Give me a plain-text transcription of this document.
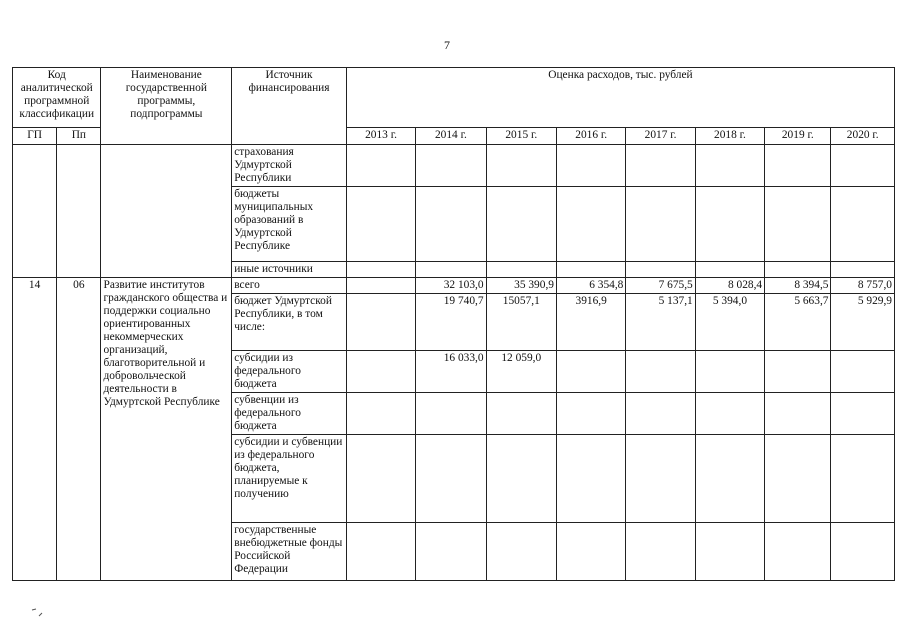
7
Код аналитической программной классификации		Наименование государственной программы, подпрограммы	Источник финансирования	Оценка расходов, тыс. рублей							
ГП	Пп			2013 г.	2014 г.	2015 г.	2016 г.	2017 г.	2018 г.	2019 г.	2020 г.
			страхования Удмуртской Республики								
			бюджеты муниципальных образований в Удмуртской Республике								
			иные источники								
14	06	Развитие институтов гражданского общества и поддержки социально ориентированных некоммерческих организаций, благотворительной и добровольческой деятельности в Удмуртской Республике	всего		32 103,0	35 390,9	6 354,8	7 675,5	8 028,4	8 394,5	8 757,0
			бюджет Удмуртской Республики, в том числе:		19 740,7	15057,1	3916,9	5 137,1	5 394,0	5 663,7	5 929,9
			субсидии из федерального бюджета		16 033,0	12 059,0					
			субвенции из федерального бюджета								
			субсидии и субвенции из федерального бюджета, планируемые к получению								
			государственные внебюджетные фонды Российской Федерации								
